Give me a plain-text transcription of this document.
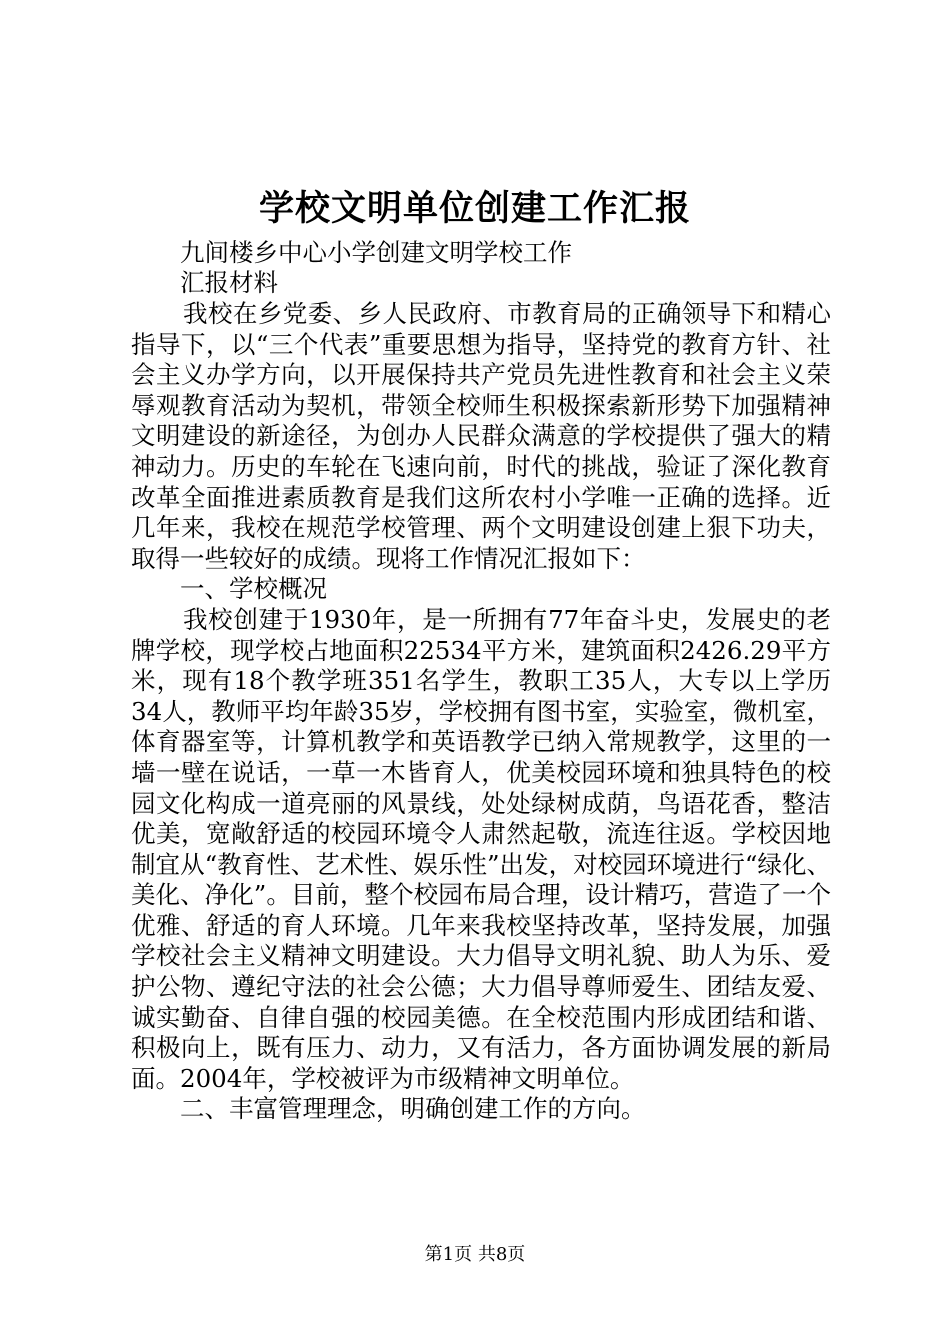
学校文明单位创建工作汇报
九间楼乡中心小学创建文明学校工作
汇报材料

我校在乡党委、乡人民政府、市教育局的正确领导下和精心指导下，以“三个代表”重要思想为指导，坚持党的教育方针、社会主义办学方向，以开展保持共产党员先进性教育和社会主义荣辱观教育活动为契机，带领全校师生积极探索新形势下加强精神文明建设的新途径，为创办人民群众满意的学校提供了强大的精神动力。历史的车轮在飞速向前，时代的挑战，验证了深化教育改革全面推进素质教育是我们这所农村小学唯一正确的选择。近几年来，我校在规范学校管理、两个文明建设创建上狠下功夫，取得一些较好的成绩。现将工作情况汇报如下：

一、学校概况

我校创建于1930年，是一所拥有77年奋斗史，发展史的老牌学校，现学校占地面积22534平方米，建筑面积2426.29平方米，现有18个教学班351名学生，教职工35人，大专以上学历34人，教师平均年龄35岁，学校拥有图书室，实验室，微机室，体育器室等，计算机教学和英语教学已纳入常规教学，这里的一墙一壁在说话，一草一木皆育人，优美校园环境和独具特色的校园文化构成一道亮丽的风景线，处处绿树成荫，鸟语花香，整洁优美，宽敞舒适的校园环境令人肃然起敬，流连往返。学校因地制宜从“教育性、艺术性、娱乐性”出发，对校园环境进行“绿化、美化、净化”。目前，整个校园布局合理，设计精巧，营造了一个优雅、舒适的育人环境。几年来我校坚持改革，坚持发展，加强学校社会主义精神文明建设。大力倡导文明礼貌、助人为乐、爱护公物、遵纪守法的社会公德；大力倡导尊师爱生、团结友爱、诚实勤奋、自律自强的校园美德。在全校范围内形成团结和谐、积极向上，既有压力、动力，又有活力，各方面协调发展的新局面。2004年，学校被评为市级精神文明单位。

二、丰富管理理念，明确创建工作的方向。

第1页 共8页
